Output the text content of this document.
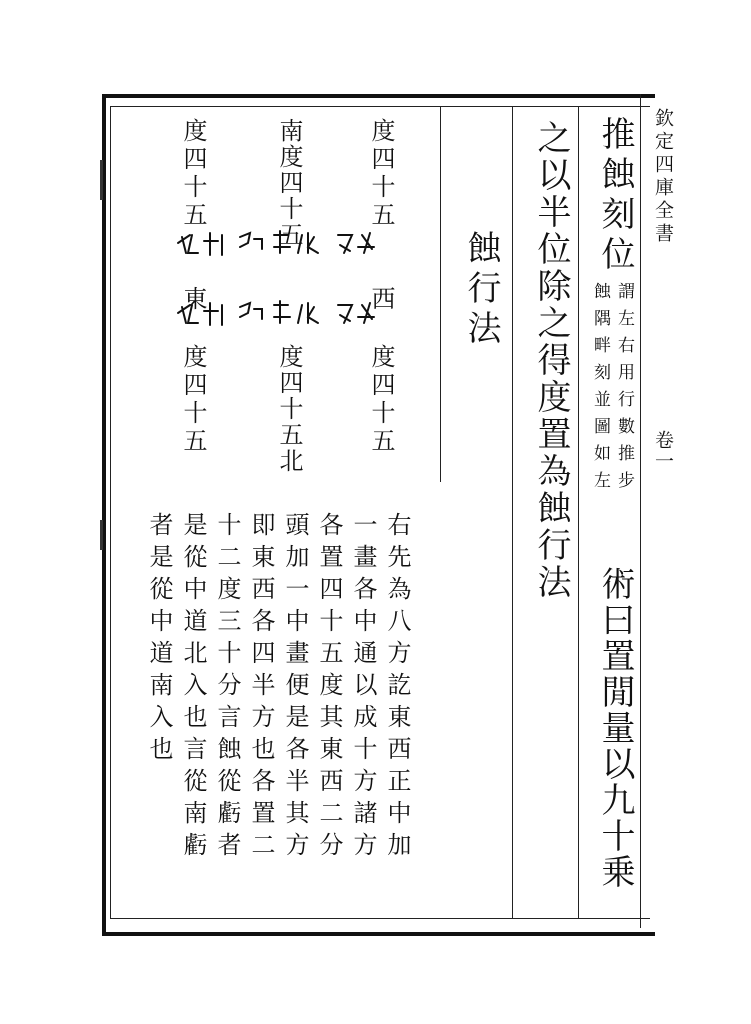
欽定四庫全書
卷一
推蝕刻位
謂左右用行數推步
蝕隅畔刻並圖如左
術曰置閒量以九十乗
之以半位除之得度置為蝕行法
蝕行法
度四十五
西
度四十五
南度四十五
度四十五北
度四十五
東
度四十五
右先為八方訖東西正中加
一畫各中通以成十方諸方
各置四十五度其東西二分
頭加一中畫便是各半其方
即東西各四半方也各置二
十二度三十分言蝕從虧者
是從中道北入也言從南虧
者是從中道南入也
